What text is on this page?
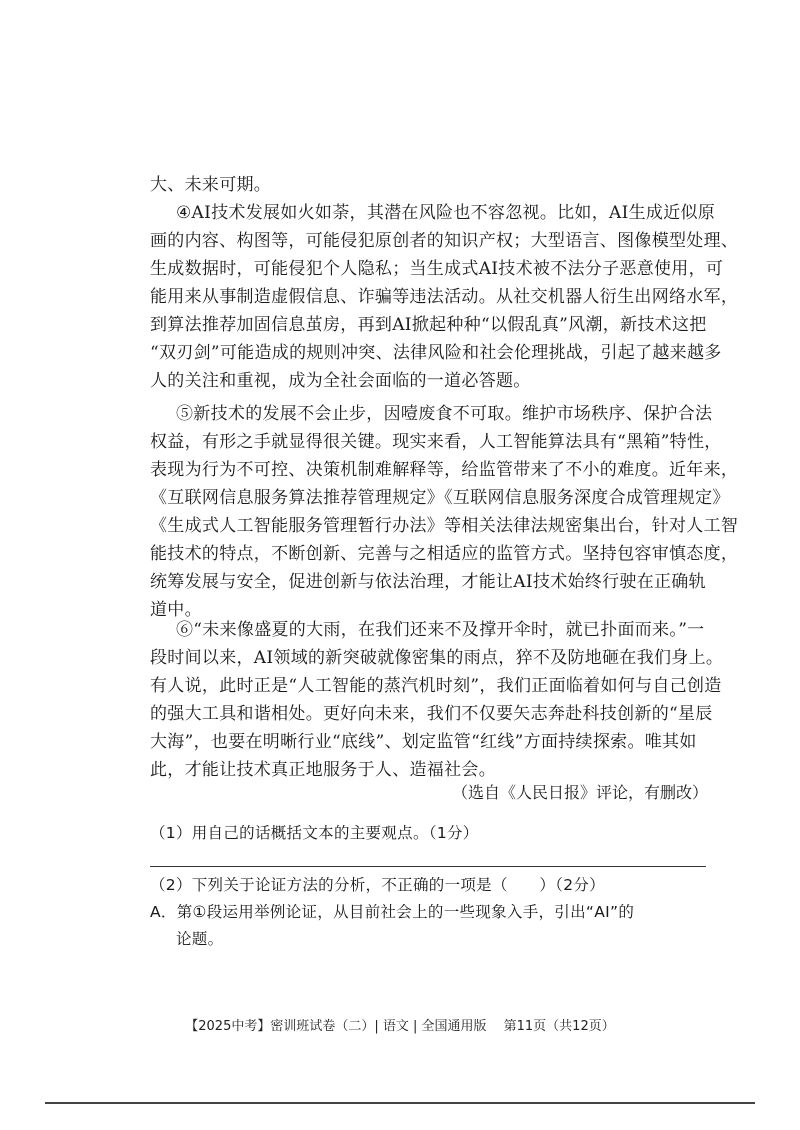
大、未来可期。
④AI技术发展如火如荼，其潜在风险也不容忽视。比如，AI生成近似原
画的内容、构图等，可能侵犯原创者的知识产权；大型语言、图像模型处理、
生成数据时，可能侵犯个人隐私；当生成式AI技术被不法分子恶意使用，可
能用来从事制造虚假信息、诈骗等违法活动。从社交机器人衍生出网络水军，
到算法推荐加固信息茧房，再到AI掀起种种“以假乱真”风潮，新技术这把
“双刃剑”可能造成的规则冲突、法律风险和社会伦理挑战，引起了越来越多
人的关注和重视，成为全社会面临的一道必答题。
⑤新技术的发展不会止步，因噎废食不可取。维护市场秩序、保护合法
权益，有形之手就显得很关键。现实来看，人工智能算法具有“黑箱”特性，
表现为行为不可控、决策机制难解释等，给监管带来了不小的难度。近年来，
《互联网信息服务算法推荐管理规定》《互联网信息服务深度合成管理规定》
《生成式人工智能服务管理暂行办法》等相关法律法规密集出台，针对人工智
能技术的特点，不断创新、完善与之相适应的监管方式。坚持包容审慎态度，
统筹发展与安全，促进创新与依法治理，才能让AI技术始终行驶在正确轨
道中。
⑥“未来像盛夏的大雨，在我们还来不及撑开伞时，就已扑面而来。”一
段时间以来，AI领域的新突破就像密集的雨点，猝不及防地砸在我们身上。
有人说，此时正是“人工智能的蒸汽机时刻”，我们正面临着如何与自己创造
的强大工具和谐相处。更好向未来，我们不仅要矢志奔赴科技创新的“星辰
大海”，也要在明晰行业“底线”、划定监管“红线”方面持续探索。唯其如
此，才能让技术真正地服务于人、造福社会。
（选自《人民日报》评论，有删改）
（1）用自己的话概括文本的主要观点。（1分）
（2）下列关于论证方法的分析，不正确的一项是（　　）（2分）
A．第①段运用举例论证，从目前社会上的一些现象入手，引出“AI”的
论题。
【2025中考】密训班试卷（二）| 语文 | 全国通用版　 第11页（共12页）
